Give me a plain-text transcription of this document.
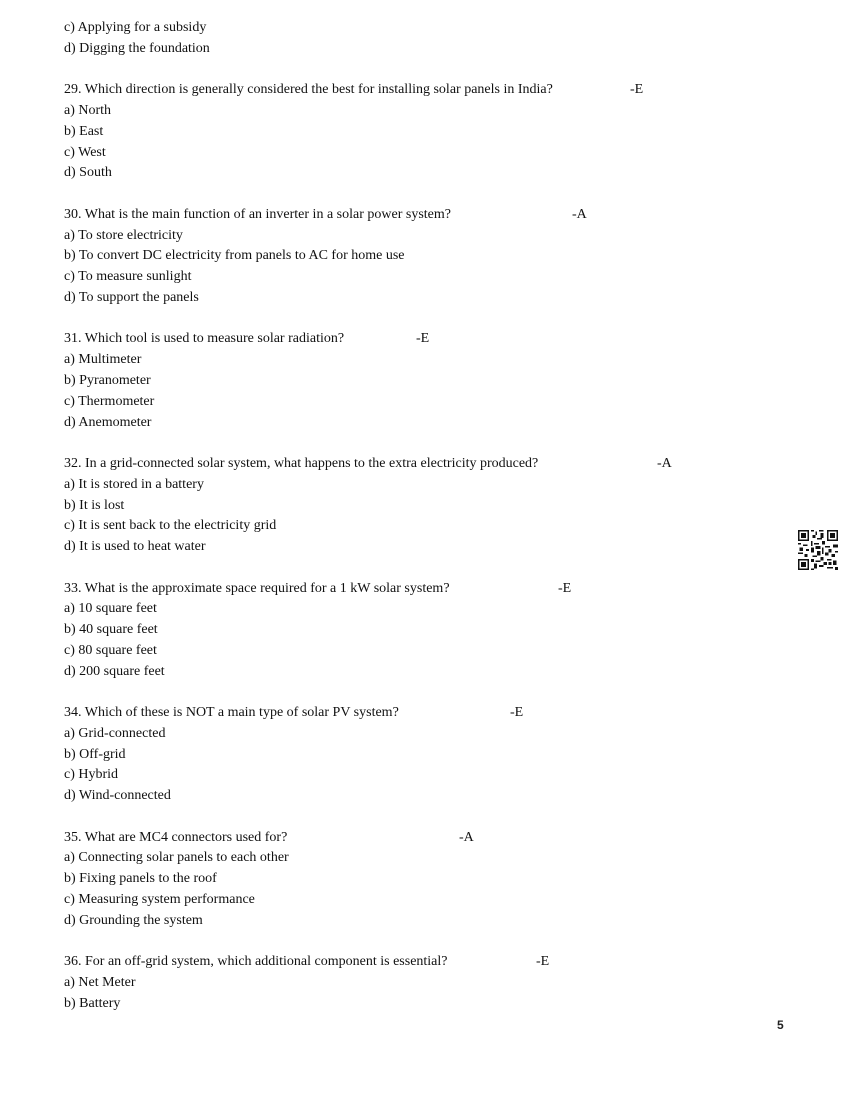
c) Applying for a subsidy
d) Digging the foundation
29. Which direction is generally considered the best for installing solar panels in India?	-E
a) North
b) East
c) West
d) South
30. What is the main function of an inverter in a solar power system?	-A
a) To store electricity
b) To convert DC electricity from panels to AC for home use
c) To measure sunlight
d) To support the panels
31. Which tool is used to measure solar radiation?	-E
a) Multimeter
b) Pyranometer
c) Thermometer
d) Anemometer
32. In a grid-connected solar system, what happens to the extra electricity produced?	-A
a) It is stored in a battery
b) It is lost
c) It is sent back to the electricity grid
d) It is used to heat water
33. What is the approximate space required for a 1 kW solar system?	-E
a) 10 square feet
b) 40 square feet
c) 80 square feet
d) 200 square feet
34. Which of these is NOT a main type of solar PV system?	-E
a) Grid-connected
b) Off-grid
c) Hybrid
d) Wind-connected
35. What are MC4 connectors used for?	-A
a) Connecting solar panels to each other
b) Fixing panels to the roof
c) Measuring system performance
d) Grounding the system
36. For an off-grid system, which additional component is essential?	-E
a) Net Meter
b) Battery
5
